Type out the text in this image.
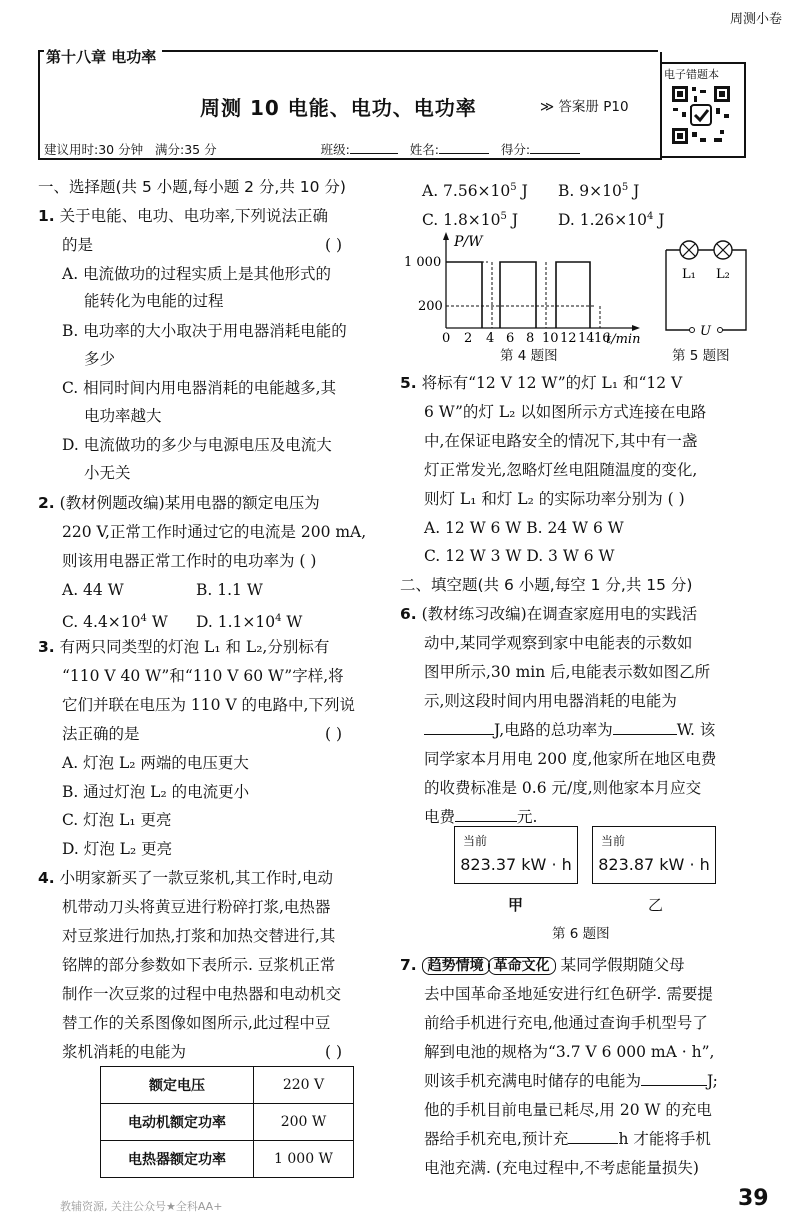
周测小卷
第十八章 电功率
周测 10 电能、电功、电功率	≫ 答案册 P10
建议用时:30 分钟 满分:35 分	班级:	姓名:	得分:
电子错题本
一、选择题(共 5 小题,每小题 2 分,共 10 分)
1. 关于电能、电功、电功率,下列说法正确
的是	( )
A. 电流做功的过程实质上是其他形式的
能转化为电能的过程
B. 电功率的大小取决于用电器消耗电能的
多少
C. 相同时间内用电器消耗的电能越多,其
电功率越大
D. 电流做功的多少与电源电压及电流大
小无关
2. (教材例题改编)某用电器的额定电压为
220 V,正常工作时通过它的电流是 200 mA,
则该用电器正常工作时的电功率为 ( )
A. 44 W	B. 1.1 W
C. $4.4\times 10^4$ W D. $1.1\times 10^4$ W
3. 有两只同类型的灯泡 L₁ 和 L₂,分别标有
“110 V 40 W”和“110 V 60 W”字样,将
它们并联在电压为 110 V 的电路中,下列说
法正确的是	( )
A. 灯泡 L₂ 两端的电压更大
B. 通过灯泡 L₂ 的电流更小
C. 灯泡 L₁ 更亮
D. 灯泡 L₂ 更亮
4. 小明家新买了一款豆浆机,其工作时,电动
机带动刀头将黄豆进行粉碎打浆,电热器
对豆浆进行加热,打浆和加热交替进行,其
铭牌的部分参数如下表所示. 豆浆机正常
制作一次豆浆的过程中电热器和电动机交
替工作的关系图像如图所示,此过程中豆
浆机消耗的电能为	( )
额定电压	220 V
电动机额定功率	200 W
电热器额定功率	1 000 W
教辅资源, 关注公众号★全科AA+
A. $7.56\times 10^5$ J B. $9\times 10^5$ J
C. $1.8\times 10^5$ J	D. $1.26\times 10^4$ J
P/W
t/min
1 000
200
0 2 4 6 8 10 12 14 16
L₁ L₂
U
第 4 题图	第 5 题图
5. 将标有“12 V 12 W”的灯 L₁ 和“12 V
6 W”的灯 L₂ 以如图所示方式连接在电路
中,在保证电路安全的情况下,其中有一盏
灯正常发光,忽略灯丝电阻随温度的变化,
则灯 L₁ 和灯 L₂ 的实际功率分别为 ( )
A. 12 W 6 W B. 24 W 6 W
C. 12 W 3 W D. 3 W 6 W
二、填空题(共 6 小题,每空 1 分,共 15 分)
6. (教材练习改编)在调查家庭用电的实践活
动中,某同学观察到家中电能表的示数如
图甲所示,30 min 后,电能表示数如图乙所
示,则这段时间内用电器消耗的电能为
J,电路的总功率为	W. 该
同学家本月用电 200 度,他家所在地区电费
的收费标准是 0.6 元/度,则他家本月应交
电费	元.
当前
823.37 kW · h
当前
823.87 kW · h
甲	乙
第 6 题图
7. 趋势情境 革命文化 某同学假期随父母
去中国革命圣地延安进行红色研学. 需要提
前给手机进行充电,他通过查询手机型号了
解到电池的规格为“3.7 V 6 000 mA · h”,
则该手机充满电时储存的电能为	J;
他的手机目前电量已耗尽,用 20 W 的充电
器给手机充电,预计充	h 才能将手机
电池充满. (充电过程中,不考虑能量损失)
39
